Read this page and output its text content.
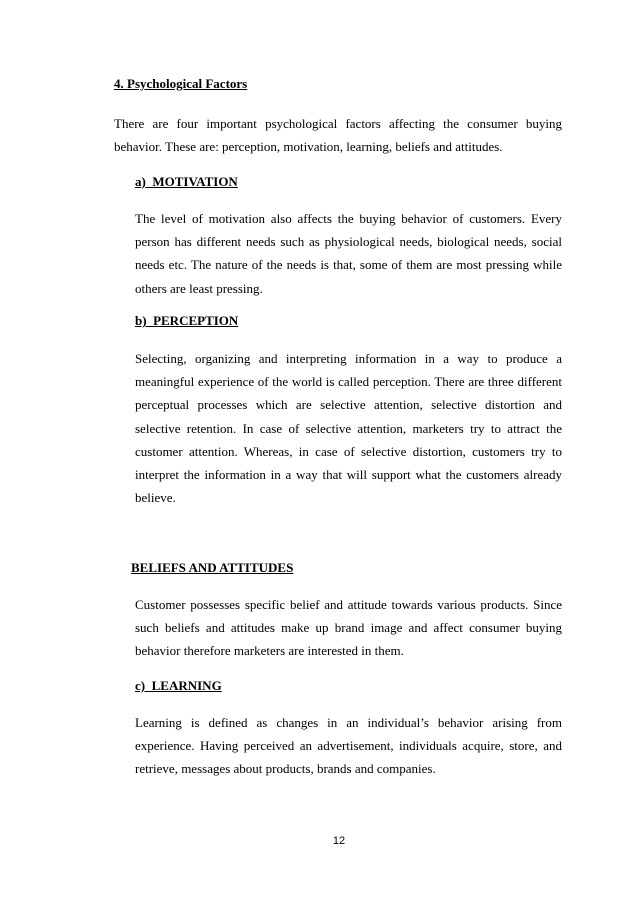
4. Psychological Factors
There are four important psychological factors affecting the consumer buying behavior. These are: perception, motivation, learning, beliefs and attitudes.
a) MOTIVATION
The level of motivation also affects the buying behavior of customers. Every person has different needs such as physiological needs, biological needs, social needs etc. The nature of the needs is that, some of them are most pressing while others are least pressing.
b) PERCEPTION
Selecting, organizing and interpreting information in a way to produce a meaningful experience of the world is called perception. There are three different perceptual processes which are selective attention, selective distortion and selective retention. In case of selective attention, marketers try to attract the customer attention. Whereas, in case of selective distortion, customers try to interpret the information in a way that will support what the customers already believe.
BELIEFS AND ATTITUDES
Customer possesses specific belief and attitude towards various products. Since such beliefs and attitudes make up brand image and affect consumer buying behavior therefore marketers are interested in them.
c) LEARNING
Learning is defined as changes in an individual’s behavior arising from experience. Having perceived an advertisement, individuals acquire, store, and retrieve, messages about products, brands and companies.
12
